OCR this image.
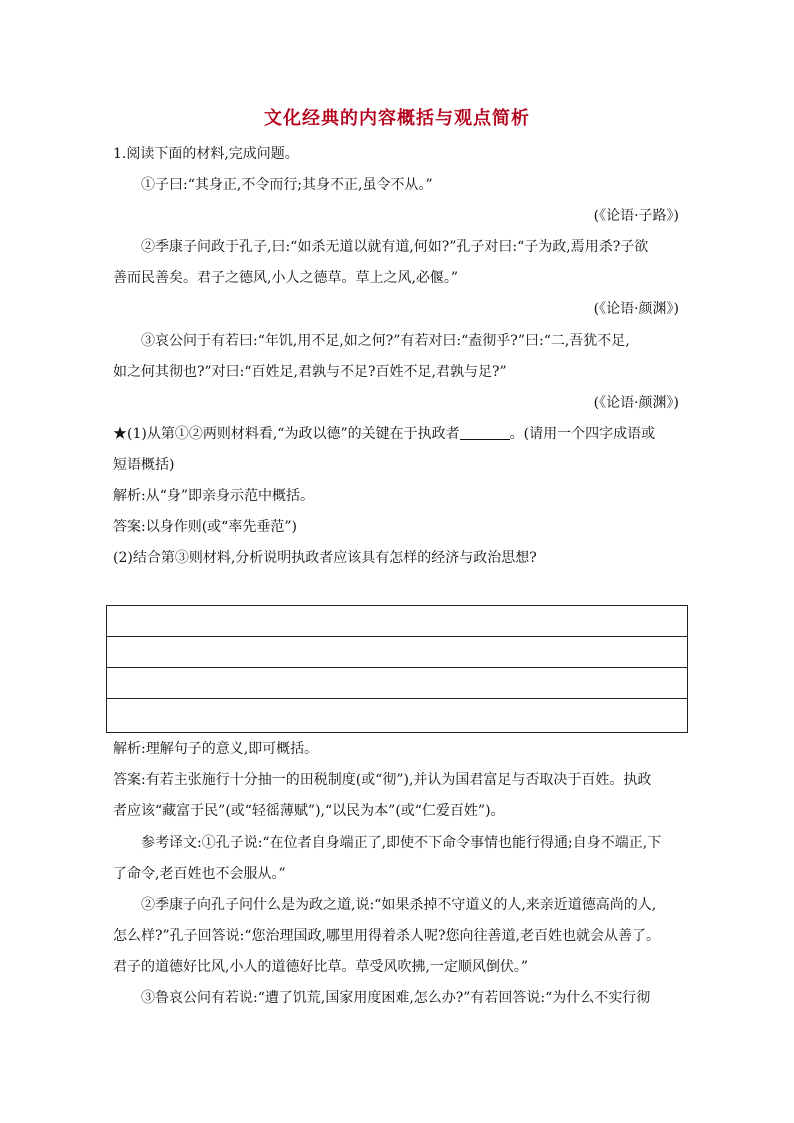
文化经典的内容概括与观点简析
1.阅读下面的材料,完成问题。
①子曰:“其身正,不令而行;其身不正,虽令不从。”
(《论语·子路》)
②季康子问政于孔子,曰:“如杀无道以就有道,何如?”孔子对曰:“子为政,焉用杀?子欲
善而民善矣。君子之德风,小人之德草。草上之风,必偃。”
(《论语·颜渊》)
③哀公问于有若曰:“年饥,用不足,如之何?”有若对曰:“盍彻乎?”曰:“二,吾犹不足,
如之何其彻也?”对曰:“百姓足,君孰与不足?百姓不足,君孰与足?”
(《论语·颜渊》)
★(1)从第①②两则材料看,“为政以德”的关键在于执政者	。(请用一个四字成语或
短语概括)
解析:从“身”即亲身示范中概括。
答案:以身作则(或“率先垂范”)
(2)结合第③则材料,分析说明执政者应该具有怎样的经济与政治思想?
解析:理解句子的意义,即可概括。
答案:有若主张施行十分抽一的田税制度(或“彻”),并认为国君富足与否取决于百姓。执政
者应该“藏富于民”(或“轻徭薄赋”),“以民为本”(或“仁爱百姓”)。
参考译文:①孔子说:“在位者自身端正了,即使不下命令事情也能行得通;自身不端正,下
了命令,老百姓也不会服从。”
②季康子向孔子问什么是为政之道,说:“如果杀掉不守道义的人,来亲近道德高尚的人,
怎么样?”孔子回答说:“您治理国政,哪里用得着杀人呢?您向往善道,老百姓也就会从善了。
君子的道德好比风,小人的道德好比草。草受风吹拂,一定顺风倒伏。”
③鲁哀公问有若说:“遭了饥荒,国家用度困难,怎么办?”有若回答说:“为什么不实行彻
